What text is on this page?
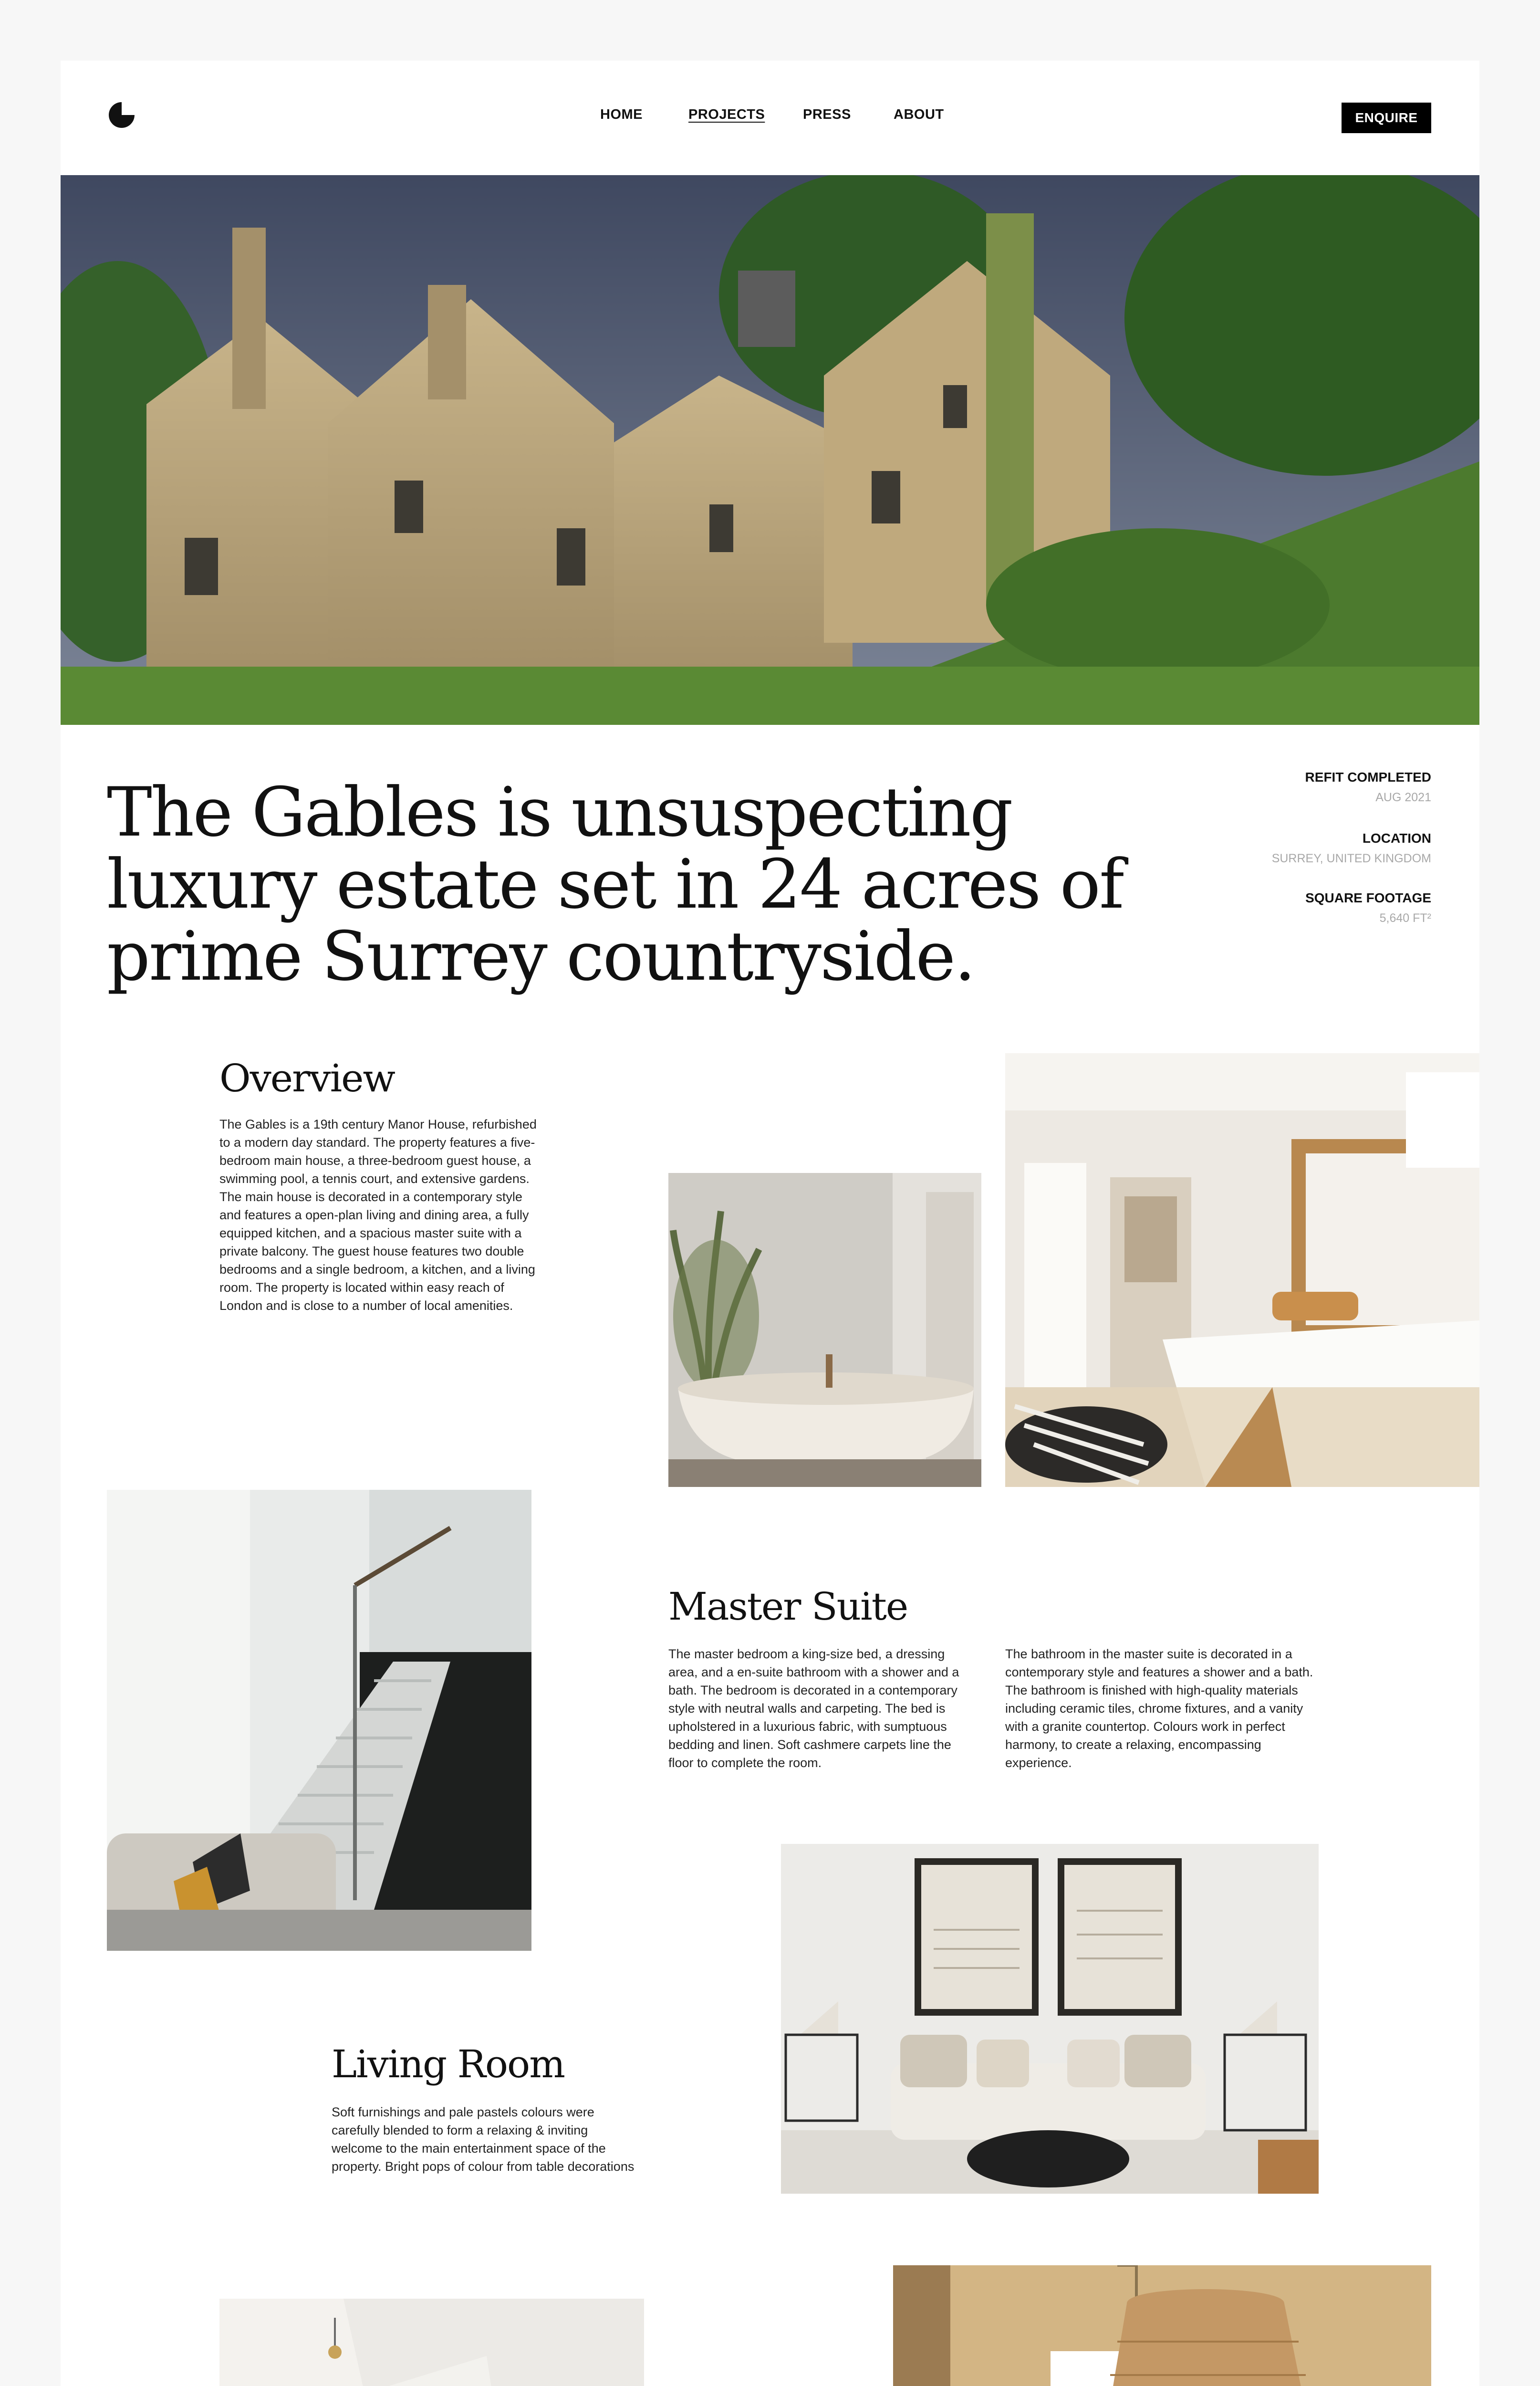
HOME	PROJECTS	PRESS	ABOUT	ENQUIRE
The Gables is unsuspecting luxury estate set in 24 acres of prime Surrey countryside.
REFIT COMPLETED
AUG 2021
LOCATION
SURREY, UNITED KINGDOM
SQUARE FOOTAGE
5,640 FT²
Overview
The Gables is a 19th century Manor House, refurbished to a modern day standard. The property features a five-bedroom main house, a three-bedroom guest house, a swimming pool, a tennis court, and extensive gardens. The main house is decorated in a contemporary style and features a open-plan living and dining area, a fully equipped kitchen, and a spacious master suite with a private balcony. The guest house features two double bedrooms and a single bedroom, a kitchen, and a living room. The property is located within easy reach of London and is close to a number of local amenities.
Master Suite
The master bedroom a king-size bed, a dressing area, and a en-suite bathroom with a shower and a bath. The bedroom is decorated in a contemporary style with neutral walls and carpeting. The bed is upholstered in a luxurious fabric, with sumptuous bedding and linen. Soft cashmere carpets line the floor to complete the room.
The bathroom in the master suite is decorated in a contemporary style and features a shower and a bath. The bathroom is finished with high-quality materials including ceramic tiles, chrome fixtures, and a vanity with a granite countertop. Colours work in perfect harmony, to create a relaxing, encompassing experience.
Living Room
Soft furnishings and pale pastels colours were carefully blended to form a relaxing & inviting welcome to the main entertainment space of the property. Bright pops of colour from table decorations
